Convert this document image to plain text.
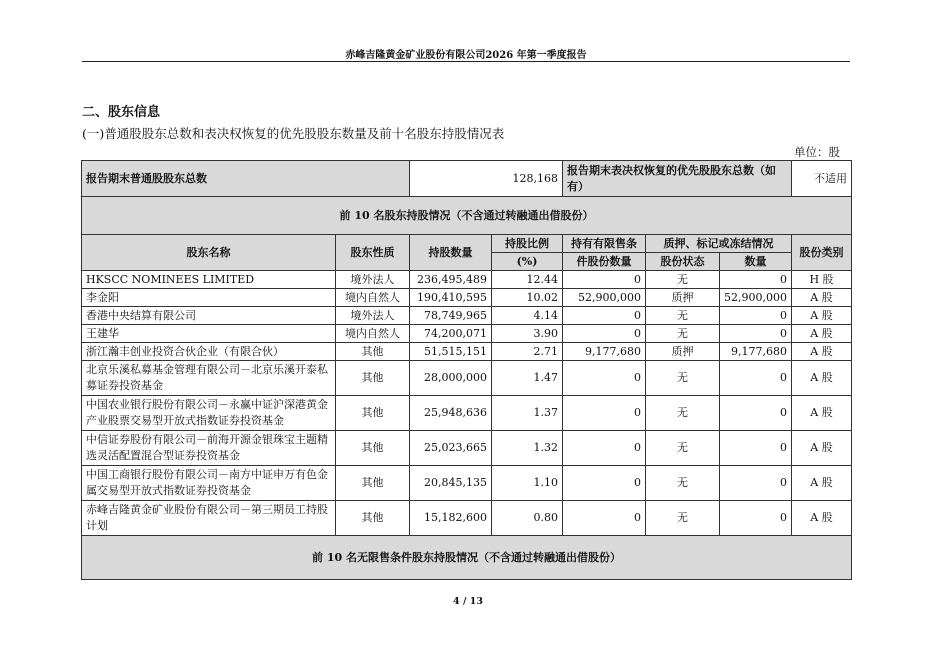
赤峰吉隆黄金矿业股份有限公司2026 年第一季度报告
二、股东信息
(一)普通股股东总数和表决权恢复的优先股股东数量及前十名股东持股情况表
单位：股
报告期末普通股股东总数		128,168		报告期末表决权恢复的优先股股东总数（如有）			不适用
前 10 名股东持股情况（不含通过转融通出借股份）							
股东名称	股东性质	持股数量	持股比例	持有有限售条	质押、标记或冻结情况		股份类别
			(%)	件股份数量	股份状态	数量	
HKSCC NOMINEES LIMITED	境外法人	236,495,489	12.44	0	无	0	H 股
李金阳	境内自然人	190,410,595	10.02	52,900,000	质押	52,900,000	A 股
香港中央结算有限公司	境外法人	78,749,965	4.14	0	无	0	A 股
王建华	境内自然人	74,200,071	3.90	0	无	0	A 股
浙江瀚丰创业投资合伙企业（有限合伙）	其他	51,515,151	2.71	9,177,680	质押	9,177,680	A 股
北京乐溪私募基金管理有限公司－北京乐溪开泰私募证券投资基金	其他	28,000,000	1.47	0	无	0	A 股
中国农业银行股份有限公司－永赢中证沪深港黄金产业股票交易型开放式指数证券投资基金	其他	25,948,636	1.37	0	无	0	A 股
中信证券股份有限公司－前海开源金银珠宝主题精选灵活配置混合型证券投资基金	其他	25,023,665	1.32	0	无	0	A 股
中国工商银行股份有限公司－南方中证申万有色金属交易型开放式指数证券投资基金	其他	20,845,135	1.10	0	无	0	A 股
赤峰吉隆黄金矿业股份有限公司－第三期员工持股计划	其他	15,182,600	0.80	0	无	0	A 股
前 10 名无限售条件股东持股情况（不含通过转融通出借股份）							
4 / 13
